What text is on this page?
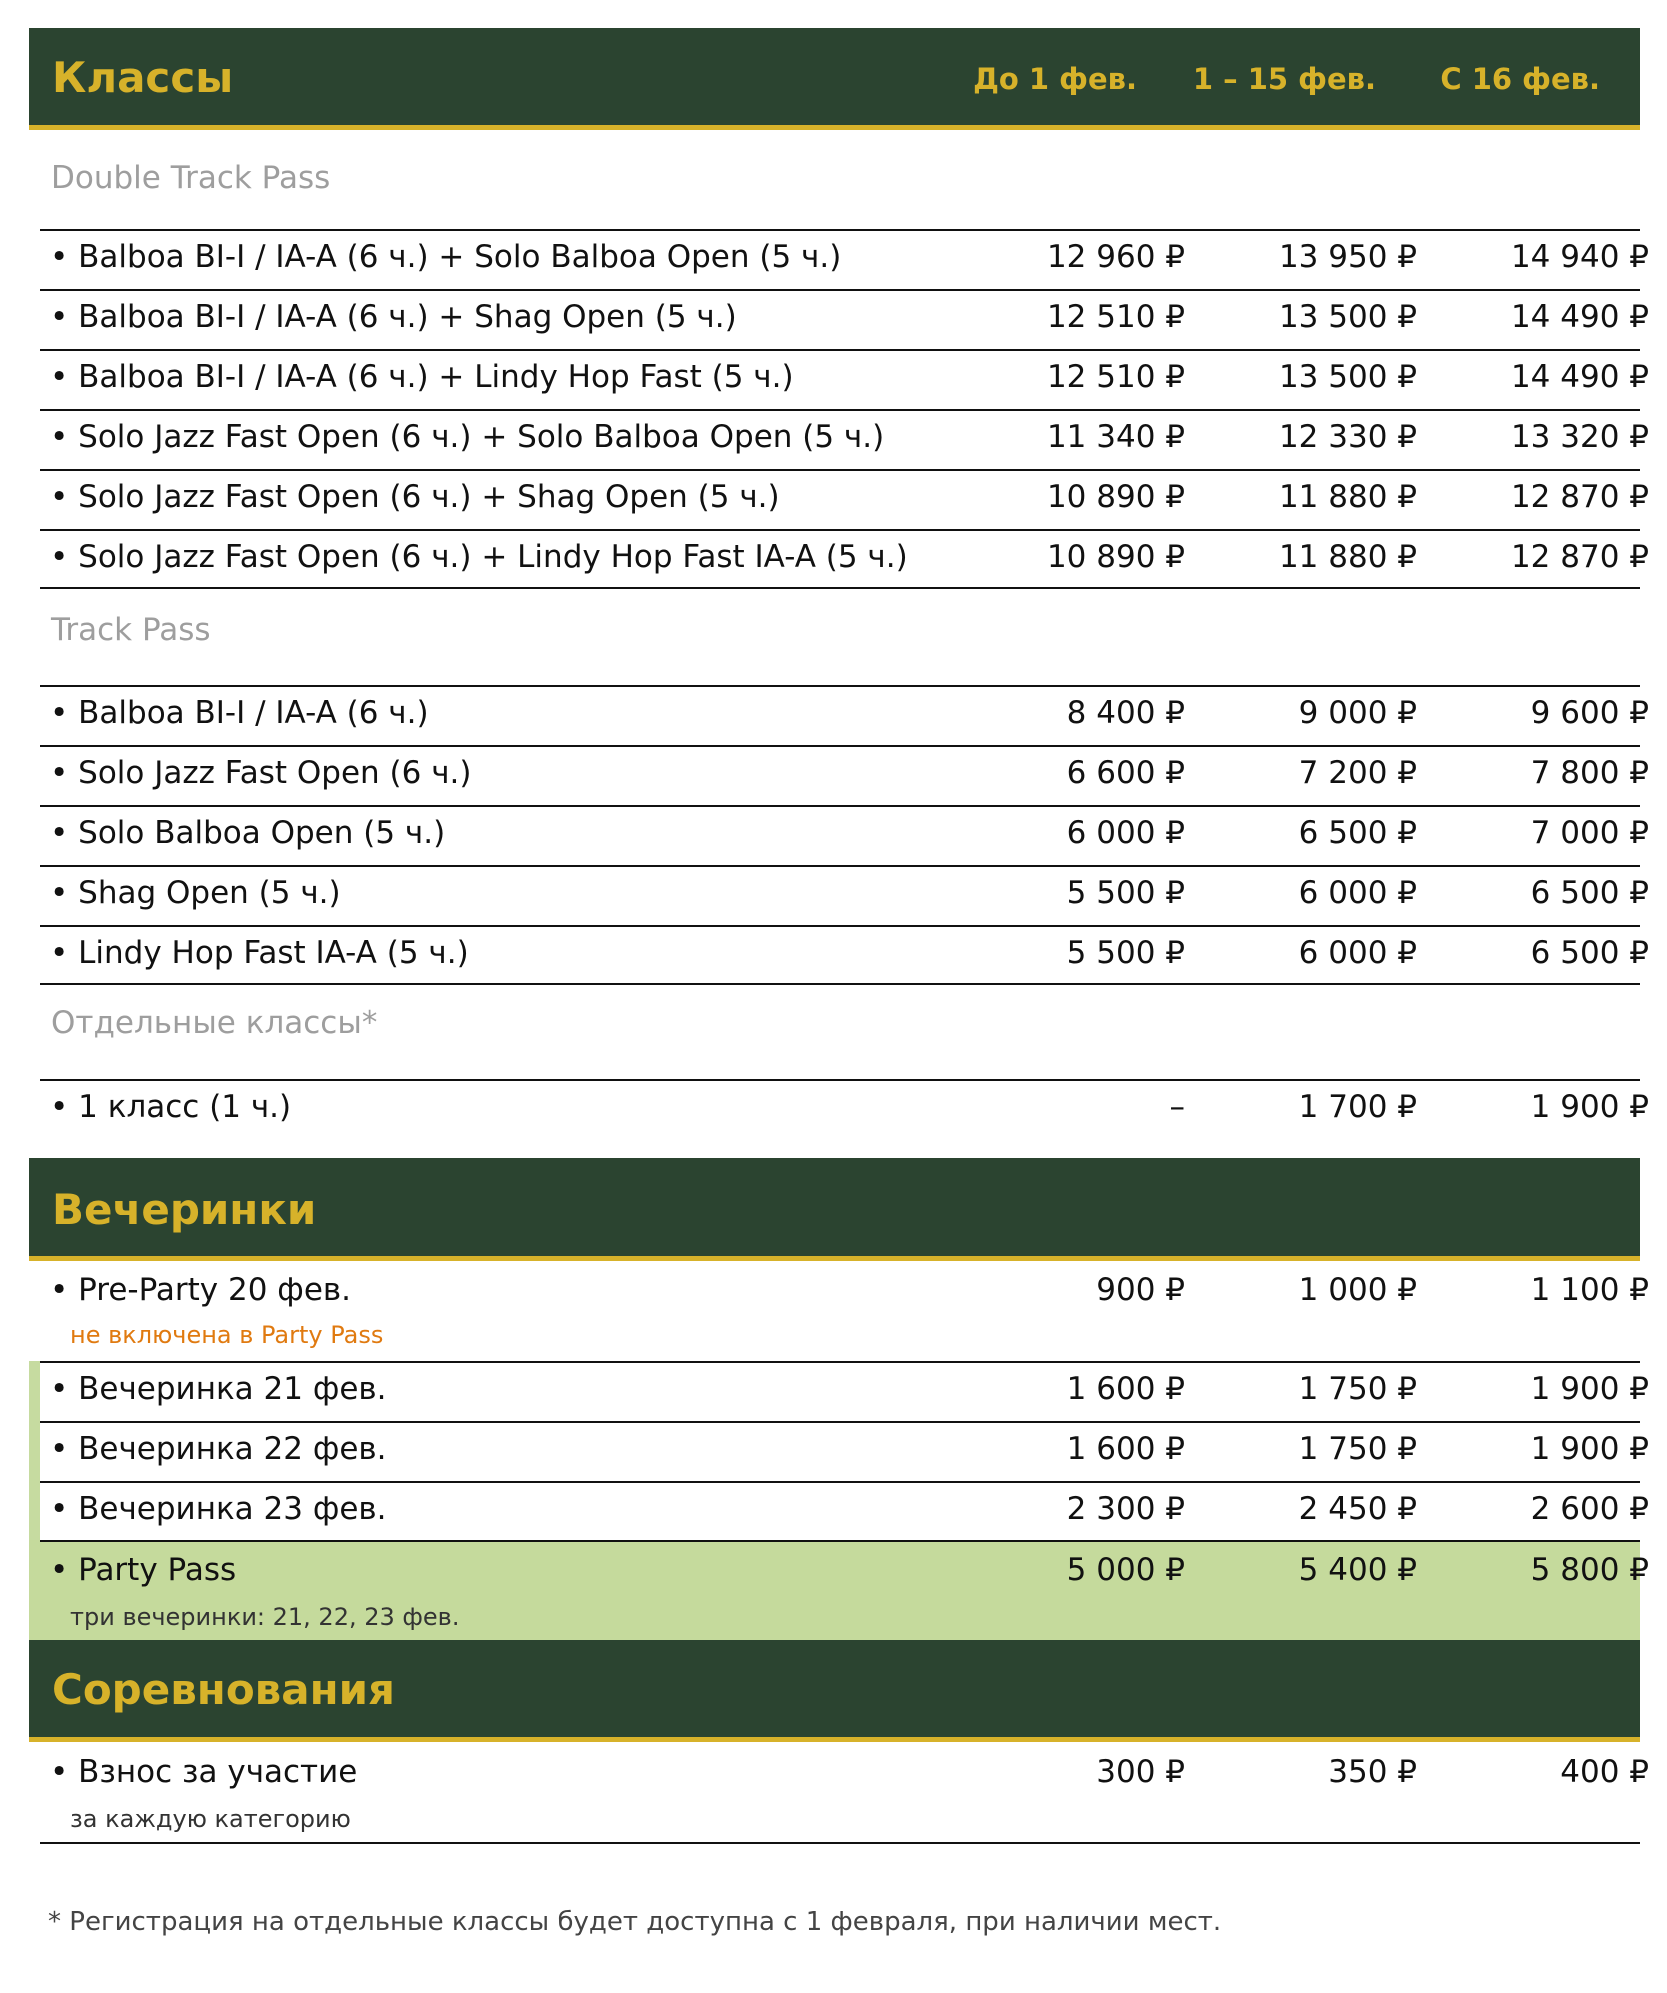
Классы	До 1 фев.	1 – 15 фев.	С 16 фев.
Double Track Pass
• Balboa BI-I / IA-A (6 ч.) + Solo Balboa Open (5 ч.)	12 960 ₽	13 950 ₽	14 940 ₽
• Balboa BI-I / IA-A (6 ч.) + Shag Open (5 ч.)	12 510 ₽	13 500 ₽	14 490 ₽
• Balboa BI-I / IA-A (6 ч.) + Lindy Hop Fast (5 ч.)	12 510 ₽	13 500 ₽	14 490 ₽
• Solo Jazz Fast Open (6 ч.) + Solo Balboa Open (5 ч.)	11 340 ₽	12 330 ₽	13 320 ₽
• Solo Jazz Fast Open (6 ч.) + Shag Open (5 ч.)	10 890 ₽	11 880 ₽	12 870 ₽
• Solo Jazz Fast Open (6 ч.) + Lindy Hop Fast IA-A (5 ч.)	10 890 ₽	11 880 ₽	12 870 ₽
Track Pass
• Balboa BI-I / IA-A (6 ч.)	8 400 ₽	9 000 ₽	9 600 ₽
• Solo Jazz Fast Open (6 ч.)	6 600 ₽	7 200 ₽	7 800 ₽
• Solo Balboa Open (5 ч.)	6 000 ₽	6 500 ₽	7 000 ₽
• Shag Open (5 ч.)	5 500 ₽	6 000 ₽	6 500 ₽
• Lindy Hop Fast IA-A (5 ч.)	5 500 ₽	6 000 ₽	6 500 ₽
Отдельные классы*
• 1 класс (1 ч.)	–	1 700 ₽	1 900 ₽
Вечеринки
• Pre-Party 20 фев.	900 ₽	1 000 ₽	1 100 ₽
не включена в Party Pass
• Вечеринка 21 фев.	1 600 ₽	1 750 ₽	1 900 ₽
• Вечеринка 22 фев.	1 600 ₽	1 750 ₽	1 900 ₽
• Вечеринка 23 фев.	2 300 ₽	2 450 ₽	2 600 ₽
• Party Pass	5 000 ₽	5 400 ₽	5 800 ₽
три вечеринки: 21, 22, 23 фев.
Соревнования
• Взнос за участие	300 ₽	350 ₽	400 ₽
за каждую категорию
* Регистрация на отдельные классы будет доступна с 1 февраля, при наличии мест.
